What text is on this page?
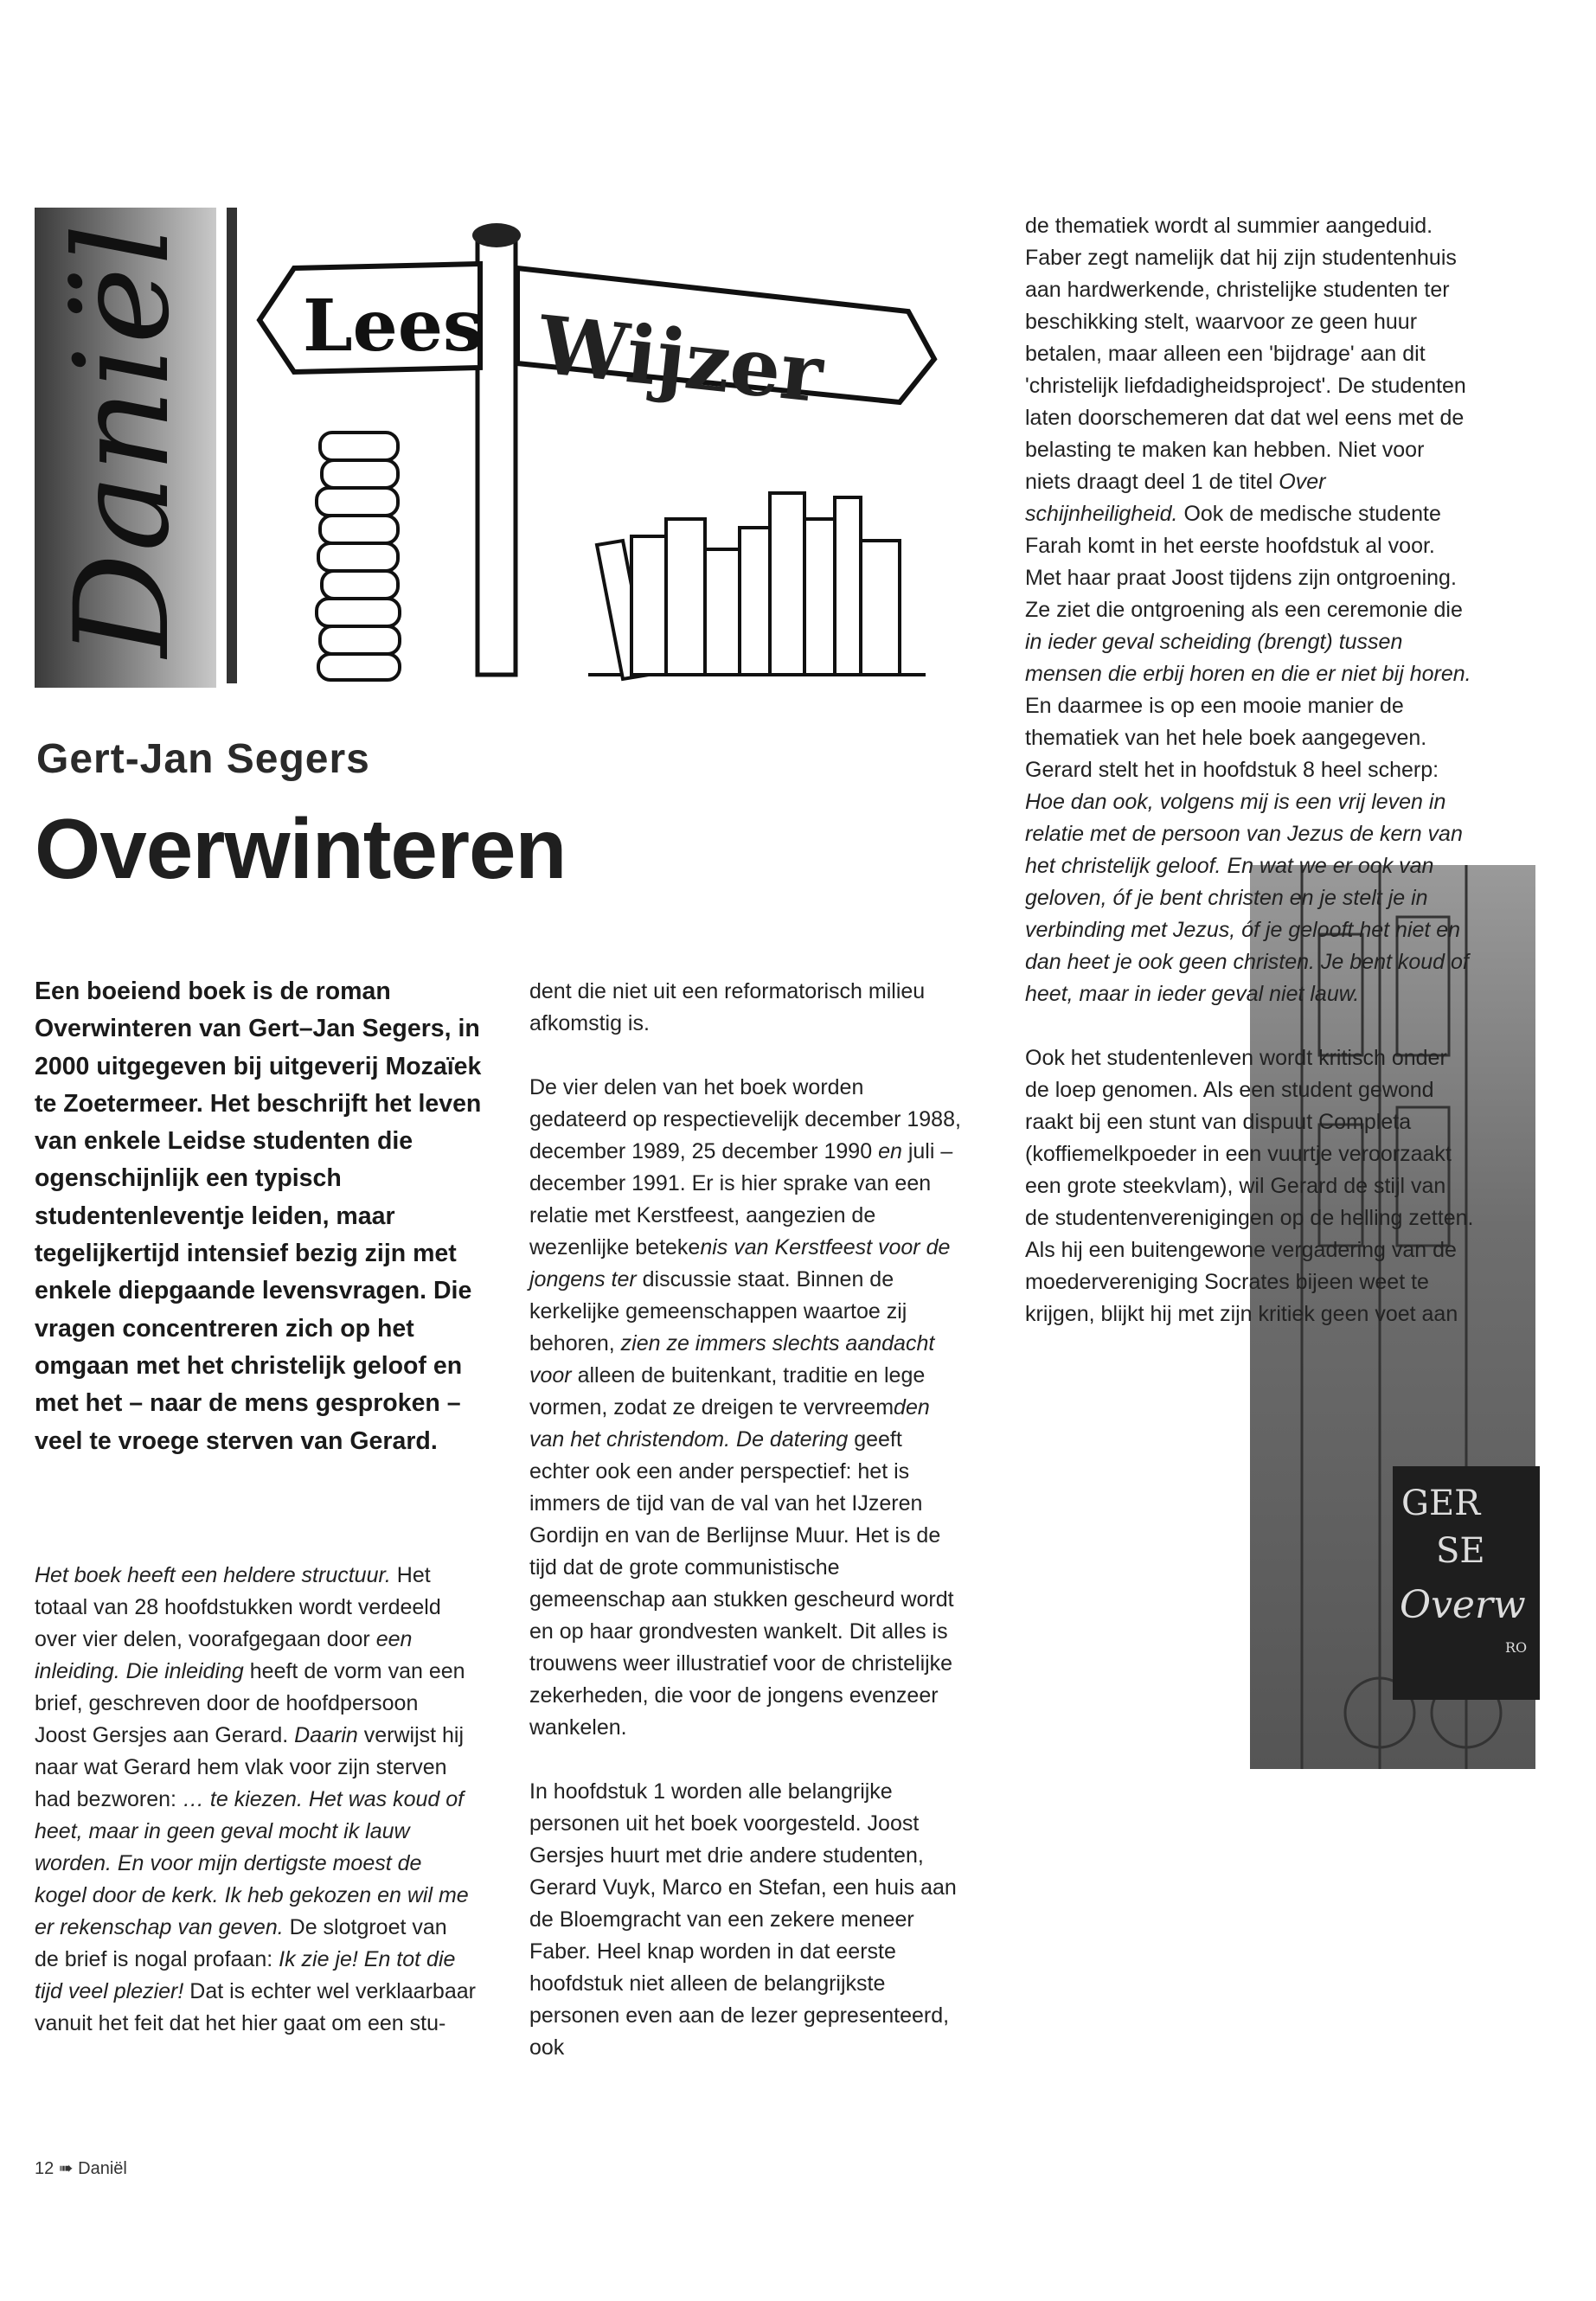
Daniël Lees Wijzer
Gert-Jan Segers
Overwinteren
Een boeiend boek is de roman Overwinteren van Gert–Jan Segers, in 2000 uitgegeven bij uitgeverij Mozaïek te Zoetermeer. Het beschrijft het leven van enkele Leidse studenten die ogenschijnlijk een typisch studentenleventje leiden, maar tegelijkertijd intensief bezig zijn met enkele diepgaande levensvragen. Die vragen concentreren zich op het omgaan met het christelijk geloof en met het – naar de mens gesproken – veel te vroege sterven van Gerard.

Het boek heeft een heldere structuur. Het totaal van 28 hoofdstukken wordt verdeeld over vier delen, voorafgegaan door een inleiding. Die inleiding heeft de vorm van een brief, geschreven door de hoofdpersoon Joost Gersjes aan Gerard. Daarin verwijst hij naar wat Gerard hem vlak voor zijn sterven had bezworen: … te kiezen. Het was koud of heet, maar in geen geval mocht ik lauw worden. En voor mijn dertigste moest de kogel door de kerk. Ik heb gekozen en wil me er rekenschap van geven. De slotgroet van de brief is nogal profaan: Ik zie je! En tot die tijd veel plezier! Dat is echter wel verklaarbaar vanuit het feit dat het hier gaat om een stu-

dent die niet uit een reformatorisch milieu afkomstig is.

De vier delen van het boek worden gedateerd op respectievelijk december 1988, december 1989, 25 december 1990 en juli – december 1991. Er is hier sprake van een relatie met Kerstfeest, aangezien de wezenlijke betekenis van Kerstfeest voor de jongens ter discussie staat. Binnen de kerkelijke gemeenschappen waartoe zij behoren, zien ze immers slechts aandacht voor alleen de buitenkant, traditie en lege vormen, zodat ze dreigen te vervreemden van het christendom. De datering geeft echter ook een ander perspectief: het is immers de tijd van de val van het IJzeren Gordijn en van de Berlijnse Muur. Het is de tijd dat de grote communistische gemeenschap aan stukken gescheurd wordt en op haar grondvesten wankelt. Dit alles is trouwens weer illustratief voor de christelijke zekerheden, die voor de jongens evenzeer wankelen.

In hoofdstuk 1 worden alle belangrijke personen uit het boek voorgesteld. Joost Gersjes huurt met drie andere studenten, Gerard Vuyk, Marco en Stefan, een huis aan de Bloemgracht van een zekere meneer Faber. Heel knap worden in dat eerste hoofdstuk niet alleen de belangrijkste personen even aan de lezer gepresenteerd, ook

GER
SE
Overw
RO

de thematiek wordt al summier aangeduid. Faber zegt namelijk dat hij zijn studentenhuis aan hardwerkende, christelijke studenten ter beschikking stelt, waarvoor ze geen huur betalen, maar alleen een 'bijdrage' aan dit 'christelijk liefdadigheidsproject'. De studenten laten doorschemeren dat dat wel eens met de belasting te maken kan hebben. Niet voor niets draagt deel 1 de titel Over schijnheiligheid. Ook de medische studente Farah komt in het eerste hoofdstuk al voor. Met haar praat Joost tijdens zijn ontgroening. Ze ziet die ontgroening als een ceremonie die in ieder geval scheiding (brengt) tussen mensen die erbij horen en die er niet bij horen. En daarmee is op een mooie manier de thematiek van het hele boek aangegeven. Gerard stelt het in hoofdstuk 8 heel scherp: Hoe dan ook, volgens mij is een vrij leven in relatie met de persoon van Jezus de kern van het christelijk geloof. En wat we er ook van geloven, óf je bent christen en je stelt je in verbinding met Jezus, óf je gelooft het niet en dan heet je ook geen christen. Je bent koud of heet, maar in ieder geval niet lauw.

Ook het studentenleven wordt kritisch onder de loep genomen. Als een student gewond raakt bij een stunt van dispuut Completa (koffiemelkpoeder in een vuurtje veroorzaakt een grote steekvlam), wil Gerard de stijl van de studentenverenigingen op de helling zetten. Als hij een buitengewone vergadering van de moedervereniging Socrates bijeen weet te krijgen, blijkt hij met zijn kritiek geen voet aan

12 ➠ Daniël
